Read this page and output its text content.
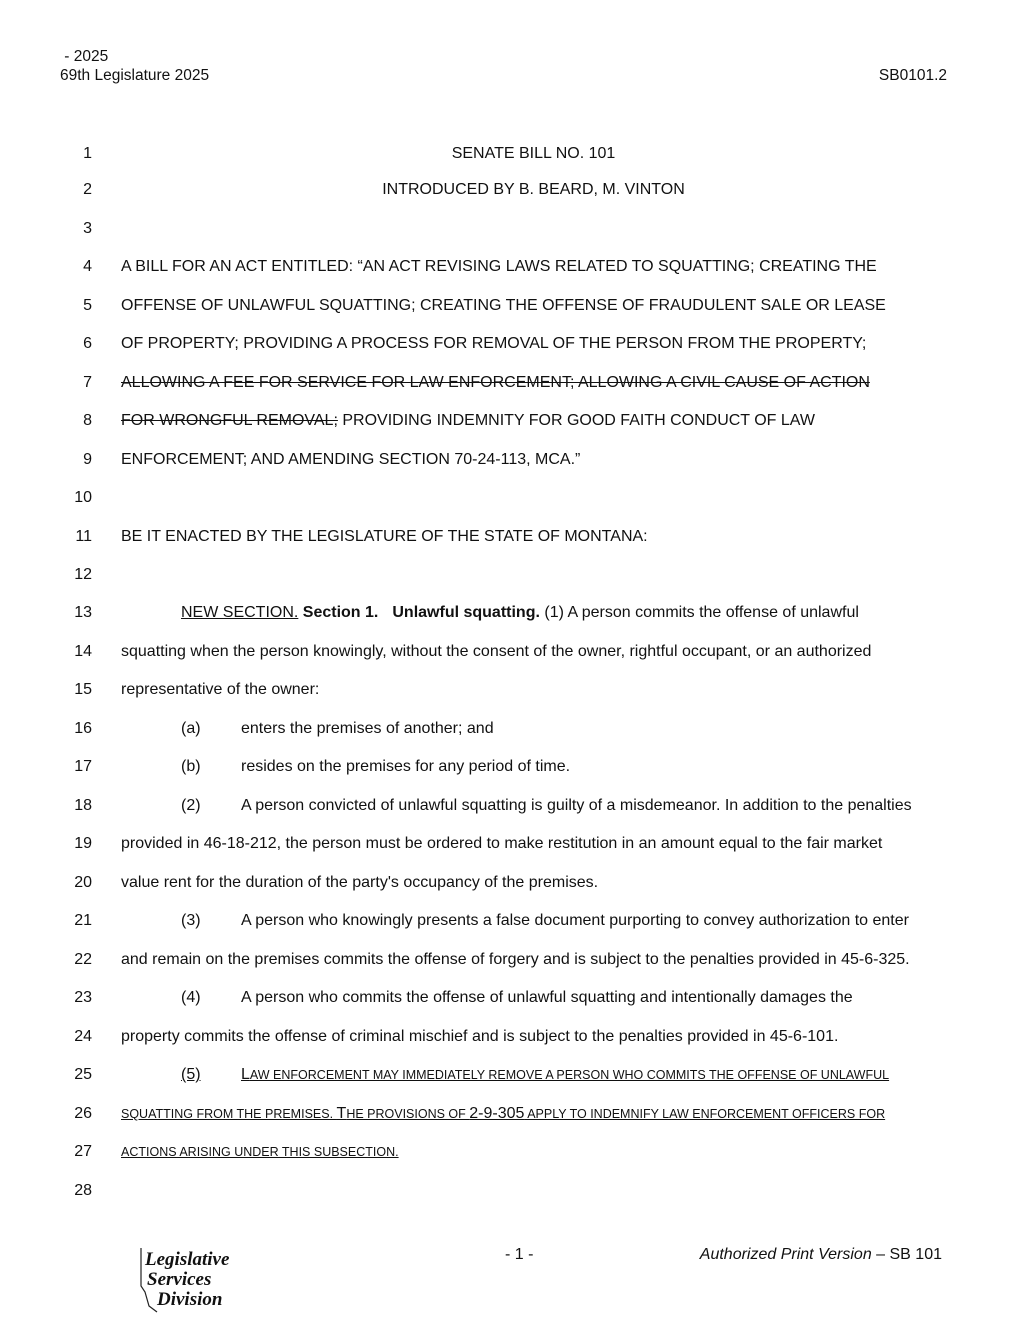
- 2025
69th Legislature 2025	SB0101.2
1
2
3
4
5
6
7
8
9
10
11
12
13
14
15
16
17
18
19
20
21
22
23
24
25
26
27
28
SENATE BILL NO. 101
INTRODUCED BY B. BEARD, M. VINTON
A BILL FOR AN ACT ENTITLED: “AN ACT REVISING LAWS RELATED TO SQUATTING; CREATING THE
OFFENSE OF UNLAWFUL SQUATTING; CREATING THE OFFENSE OF FRAUDULENT SALE OR LEASE
OF PROPERTY; PROVIDING A PROCESS FOR REMOVAL OF THE PERSON FROM THE PROPERTY;
ALLOWING A FEE FOR SERVICE FOR LAW ENFORCEMENT; ALLOWING A CIVIL CAUSE OF ACTION
FOR WRONGFUL REMOVAL; PROVIDING INDEMNITY FOR GOOD FAITH CONDUCT OF LAW
ENFORCEMENT; AND AMENDING SECTION 70-24-113, MCA.”
BE IT ENACTED BY THE LEGISLATURE OF THE STATE OF MONTANA:
NEW SECTION. Section 1. Unlawful squatting. (1) A person commits the offense of unlawful
squatting when the person knowingly, without the consent of the owner, rightful occupant, or an authorized
representative of the owner:
(a)	enters the premises of another; and
(b)	resides on the premises for any period of time.
(2)	A person convicted of unlawful squatting is guilty of a misdemeanor. In addition to the penalties
provided in 46-18-212, the person must be ordered to make restitution in an amount equal to the fair market
value rent for the duration of the party's occupancy of the premises.
(3)	A person who knowingly presents a false document purporting to convey authorization to enter
and remain on the premises commits the offense of forgery and is subject to the penalties provided in 45-6-325.
(4)	A person who commits the offense of unlawful squatting and intentionally damages the
property commits the offense of criminal mischief and is subject to the penalties provided in 45-6-101.
(5)	LAW ENFORCEMENT MAY IMMEDIATELY REMOVE A PERSON WHO COMMITS THE OFFENSE OF UNLAWFUL
SQUATTING FROM THE PREMISES. THE PROVISIONS OF 2-9-305 APPLY TO INDEMNIFY LAW ENFORCEMENT OFFICERS FOR
ACTIONS ARISING UNDER THIS SUBSECTION.
Legislative
Services
Division
- 1 -	Authorized Print Version – SB 101
